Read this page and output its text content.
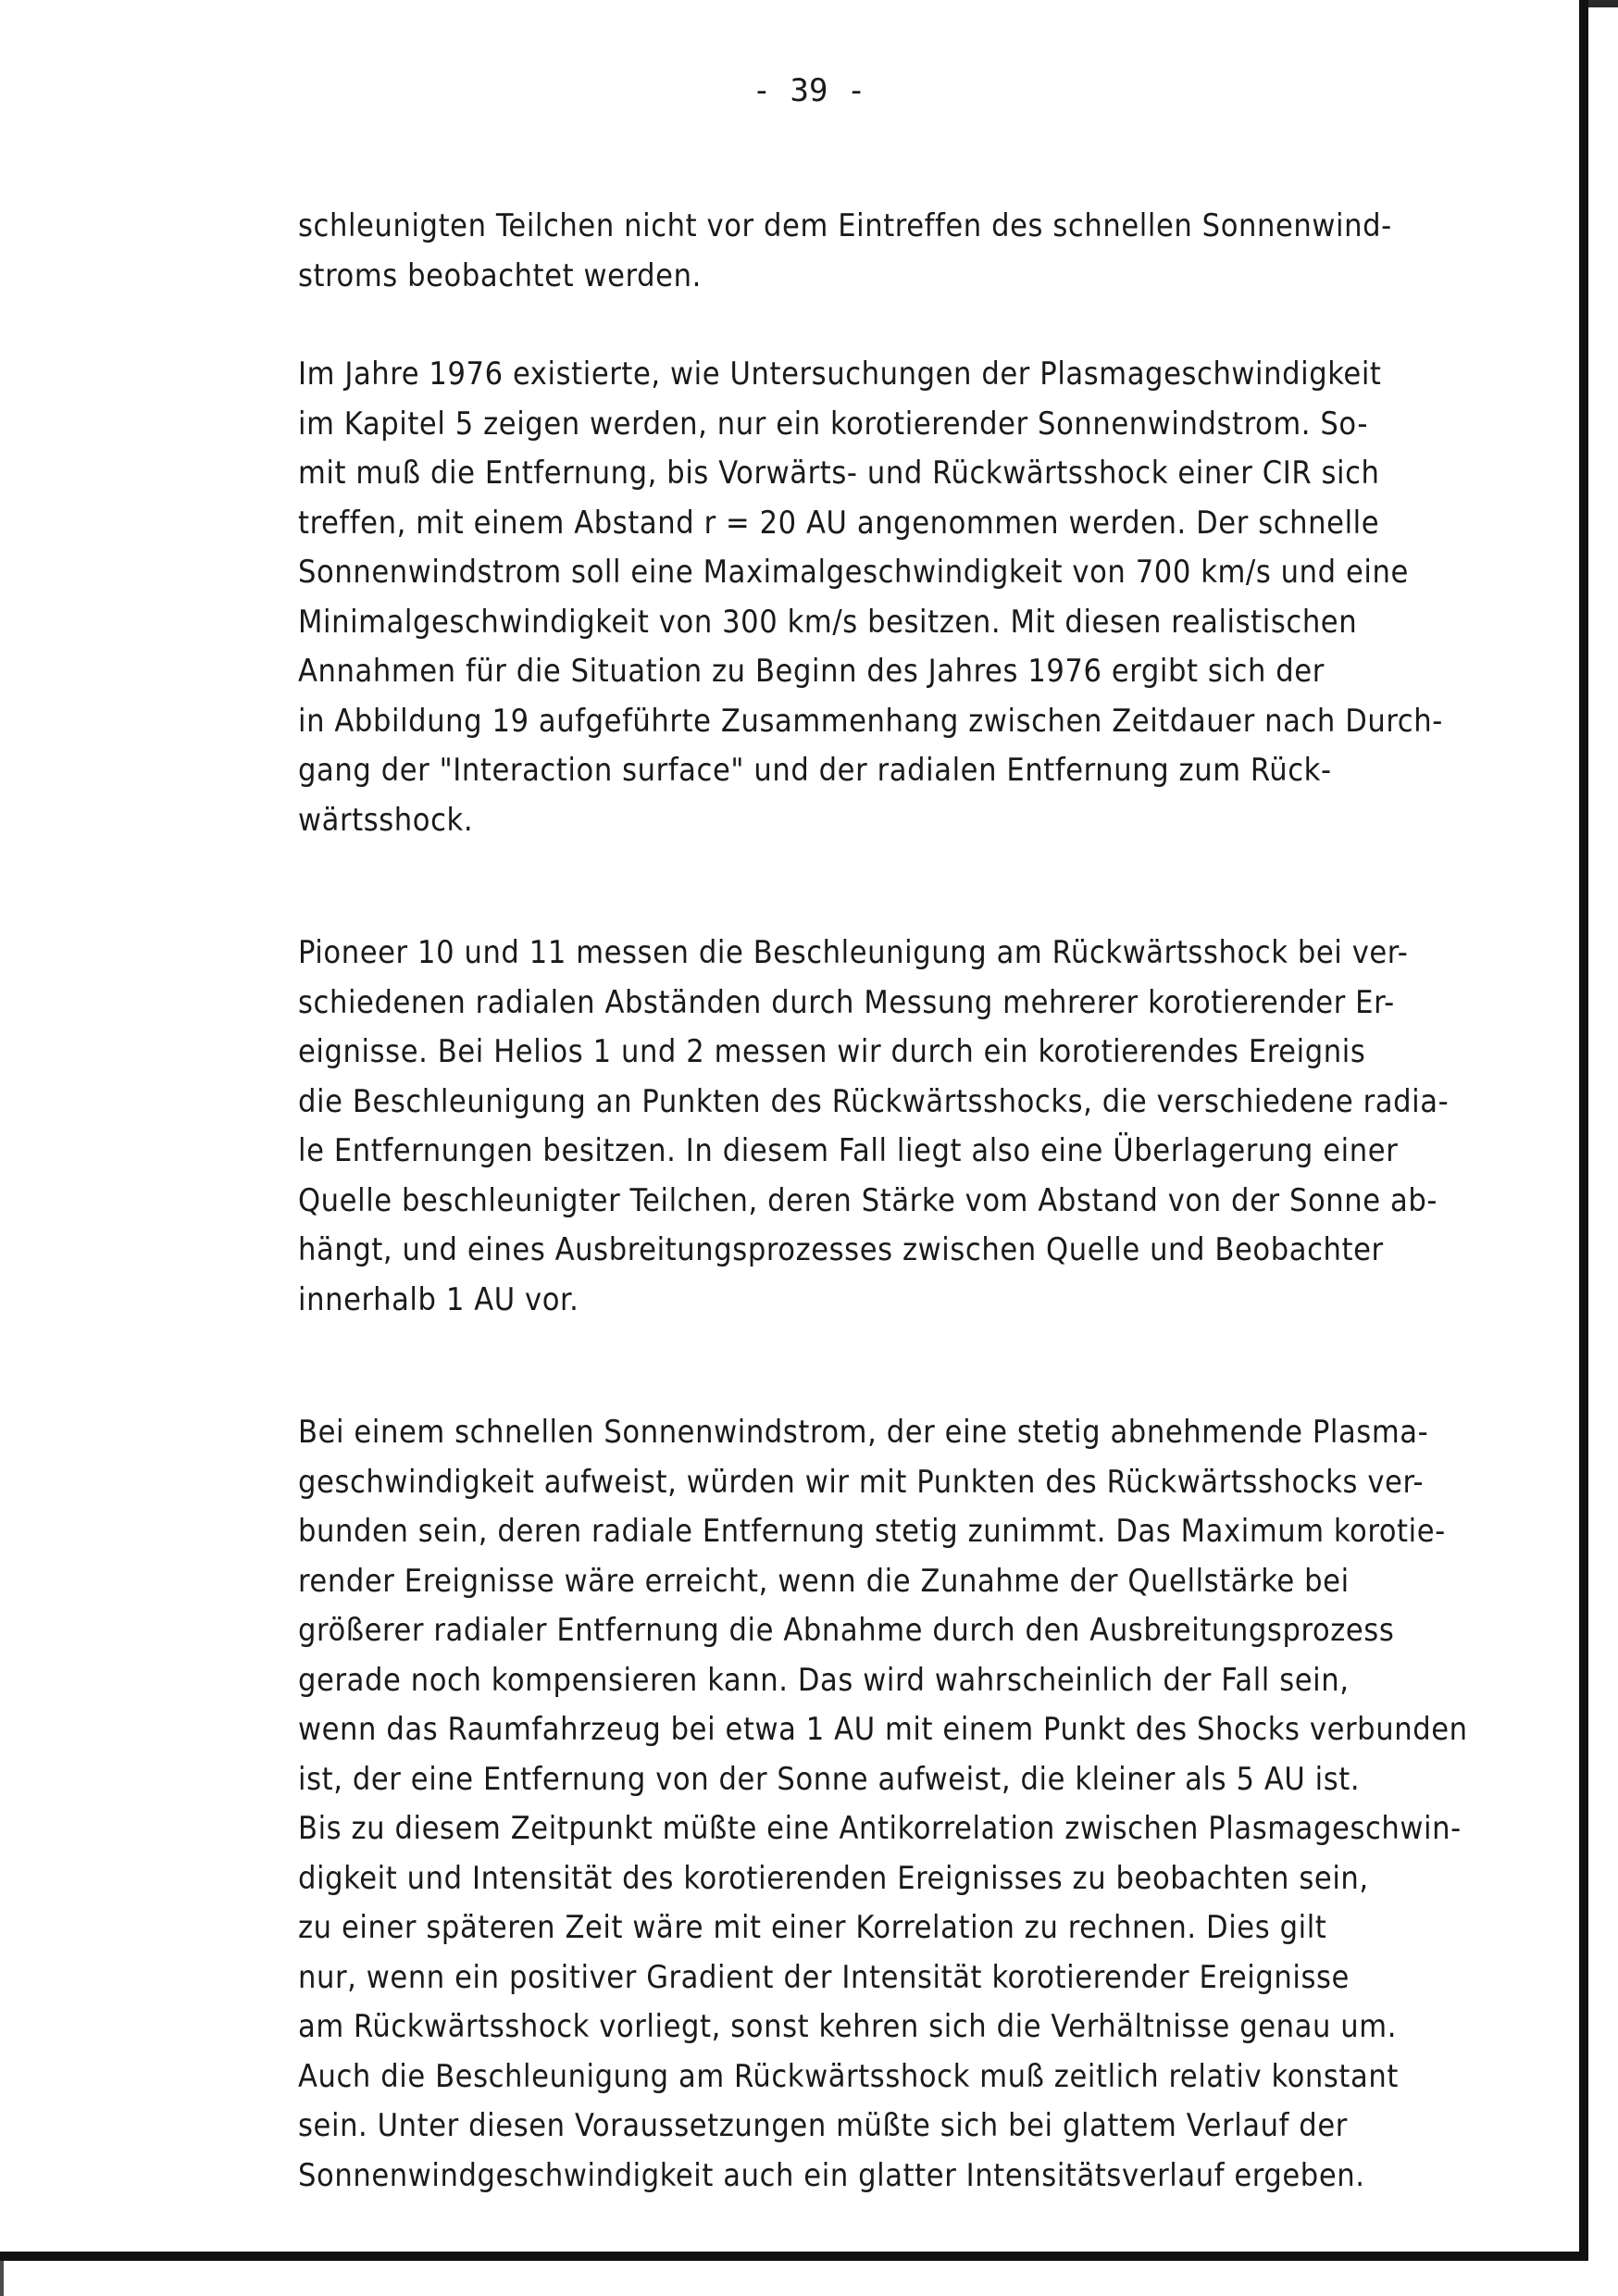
- 39 -

schleunigten Teilchen nicht vor dem Eintreffen des schnellen Sonnenwind-
stroms beobachtet werden.

Im Jahre 1976 existierte, wie Untersuchungen der Plasmageschwindigkeit
im Kapitel 5 zeigen werden, nur ein korotierender Sonnenwindstrom. So-
mit muß die Entfernung, bis Vorwärts- und Rückwärtsshock einer CIR sich
treffen, mit einem Abstand r = 20 AU angenommen werden. Der schnelle
Sonnenwindstrom soll eine Maximalgeschwindigkeit von 700 km/s und eine
Minimalgeschwindigkeit von 300 km/s besitzen. Mit diesen realistischen
Annahmen für die Situation zu Beginn des Jahres 1976 ergibt sich der
in Abbildung 19 aufgeführte Zusammenhang zwischen Zeitdauer nach Durch-
gang der "Interaction surface" und der radialen Entfernung zum Rück-
wärtsshock.

Pioneer 10 und 11 messen die Beschleunigung am Rückwärtsshock bei ver-
schiedenen radialen Abständen durch Messung mehrerer korotierender Er-
eignisse. Bei Helios 1 und 2 messen wir durch ein korotierendes Ereignis
die Beschleunigung an Punkten des Rückwärtsshocks, die verschiedene radia-
le Entfernungen besitzen. In diesem Fall liegt also eine Überlagerung einer
Quelle beschleunigter Teilchen, deren Stärke vom Abstand von der Sonne ab-
hängt, und eines Ausbreitungsprozesses zwischen Quelle und Beobachter
innerhalb 1 AU vor.

Bei einem schnellen Sonnenwindstrom, der eine stetig abnehmende Plasma-
geschwindigkeit aufweist, würden wir mit Punkten des Rückwärtsshocks ver-
bunden sein, deren radiale Entfernung stetig zunimmt. Das Maximum korotie-
render Ereignisse wäre erreicht, wenn die Zunahme der Quellstärke bei
größerer radialer Entfernung die Abnahme durch den Ausbreitungsprozess
gerade noch kompensieren kann. Das wird wahrscheinlich der Fall sein,
wenn das Raumfahrzeug bei etwa 1 AU mit einem Punkt des Shocks verbunden
ist, der eine Entfernung von der Sonne aufweist, die kleiner als 5 AU ist.
Bis zu diesem Zeitpunkt müßte eine Antikorrelation zwischen Plasmageschwin-
digkeit und Intensität des korotierenden Ereignisses zu beobachten sein,
zu einer späteren Zeit wäre mit einer Korrelation zu rechnen. Dies gilt
nur, wenn ein positiver Gradient der Intensität korotierender Ereignisse
am Rückwärtsshock vorliegt, sonst kehren sich die Verhältnisse genau um.
Auch die Beschleunigung am Rückwärtsshock muß zeitlich relativ konstant
sein. Unter diesen Voraussetzungen müßte sich bei glattem Verlauf der
Sonnenwindgeschwindigkeit auch ein glatter Intensitätsverlauf ergeben.
